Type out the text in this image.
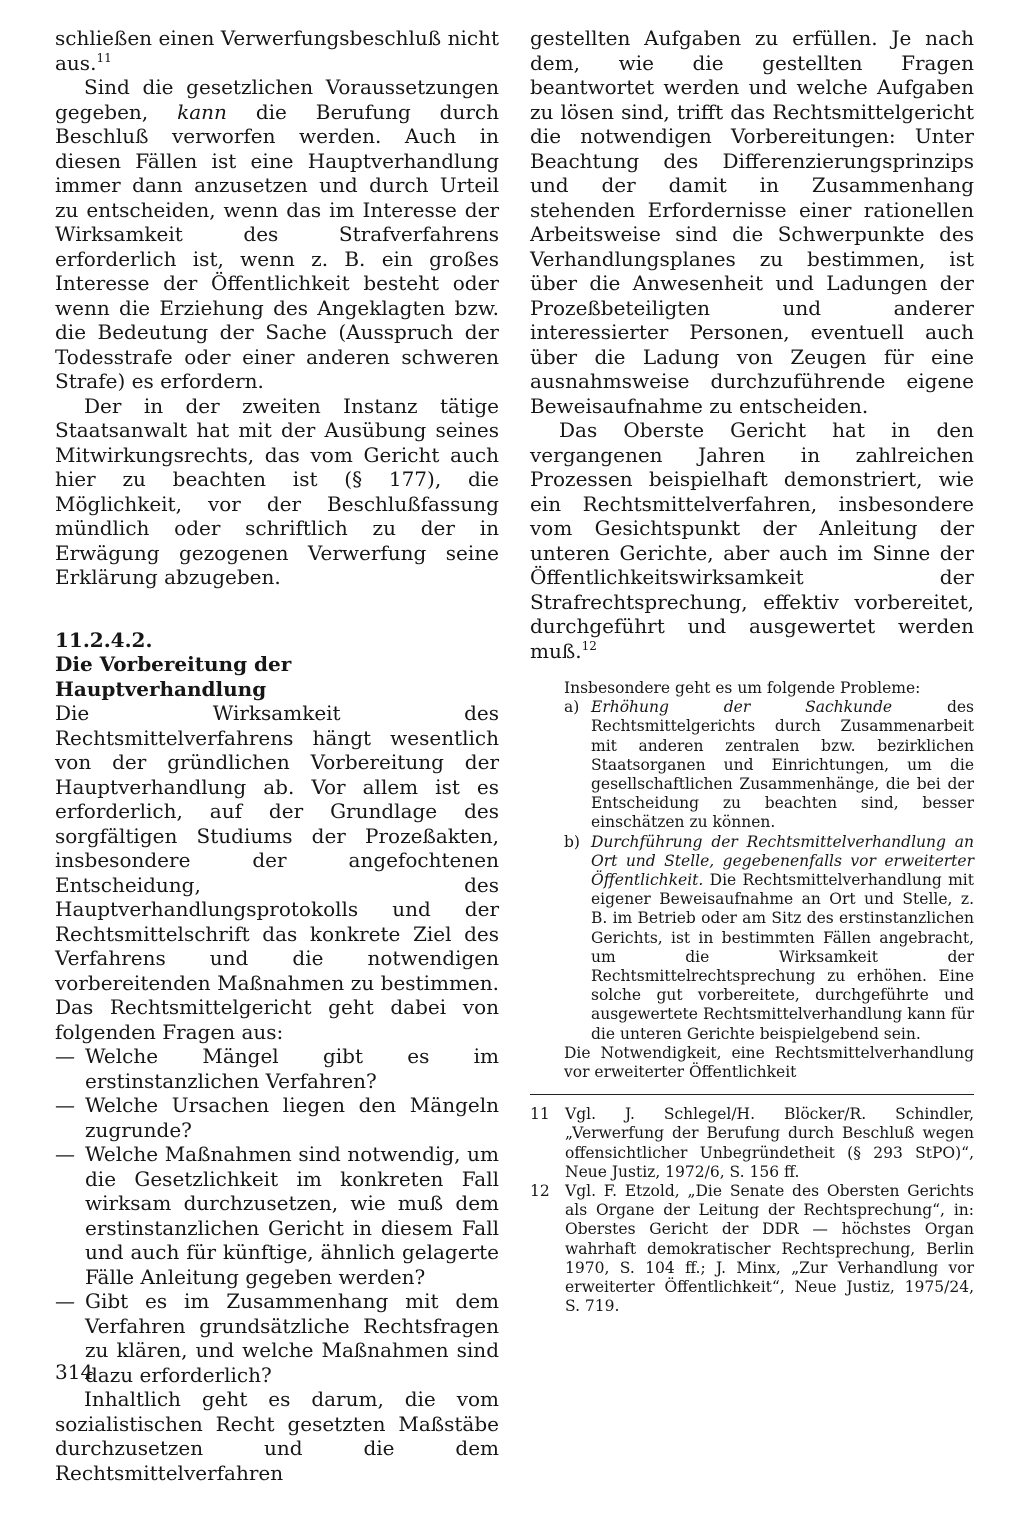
schließen einen Verwerfungsbeschluß nicht aus.$^{11}$

Sind die gesetzlichen Voraussetzungen gegeben, kann die Berufung durch Beschluß verworfen werden. Auch in diesen Fällen ist eine Hauptverhandlung immer dann anzusetzen und durch Urteil zu entscheiden, wenn das im Interesse der Wirksamkeit des Strafverfahrens erforderlich ist, wenn z. B. ein großes Interesse der Öffentlichkeit besteht oder wenn die Erziehung des Angeklagten bzw. die Bedeutung der Sache (Ausspruch der Todesstrafe oder einer anderen schweren Strafe) es erfordern.

Der in der zweiten Instanz tätige Staatsanwalt hat mit der Ausübung seines Mitwirkungsrechts, das vom Gericht auch hier zu beachten ist (§ 177), die Möglichkeit, vor der Beschlußfassung mündlich oder schriftlich zu der in Erwägung gezogenen Verwerfung seine Erklärung abzugeben.

11.2.4.2.
Die Vorbereitung der Hauptverhandlung

Die Wirksamkeit des Rechtsmittelverfahrens hängt wesentlich von der gründlichen Vorbereitung der Hauptverhandlung ab. Vor allem ist es erforderlich, auf der Grundlage des sorgfältigen Studiums der Prozeßakten, insbesondere der angefochtenen Entscheidung, des Hauptverhandlungsprotokolls und der Rechtsmittelschrift das konkrete Ziel des Verfahrens und die notwendigen vorbereitenden Maßnahmen zu bestimmen. Das Rechtsmittelgericht geht dabei von folgenden Fragen aus:

— Welche Mängel gibt es im erstinstanzlichen Verfahren?
— Welche Ursachen liegen den Mängeln zugrunde?
— Welche Maßnahmen sind notwendig, um die Gesetzlichkeit im konkreten Fall wirksam durchzusetzen, wie muß dem erstinstanzlichen Gericht in diesem Fall und auch für künftige, ähnlich gelagerte Fälle Anleitung gegeben werden?
— Gibt es im Zusammenhang mit dem Verfahren grundsätzliche Rechtsfragen zu klären, und welche Maßnahmen sind dazu erforderlich?

Inhaltlich geht es darum, die vom sozialistischen Recht gesetzten Maßstäbe durchzusetzen und die dem Rechtsmittelverfahren

gestellten Aufgaben zu erfüllen. Je nach dem, wie die gestellten Fragen beantwortet werden und welche Aufgaben zu lösen sind, trifft das Rechtsmittelgericht die notwendigen Vorbereitungen: Unter Beachtung des Differenzierungsprinzips und der damit in Zusammenhang stehenden Erfordernisse einer rationellen Arbeitsweise sind die Schwerpunkte des Verhandlungsplanes zu bestimmen, ist über die Anwesenheit und Ladungen der Prozeßbeteiligten und anderer interessierter Personen, eventuell auch über die Ladung von Zeugen für eine ausnahmsweise durchzuführende eigene Beweisaufnahme zu entscheiden.

Das Oberste Gericht hat in den vergangenen Jahren in zahlreichen Prozessen beispielhaft demonstriert, wie ein Rechtsmittelverfahren, insbesondere vom Gesichtspunkt der Anleitung der unteren Gerichte, aber auch im Sinne der Öffentlichkeitswirksamkeit der Strafrechtsprechung, effektiv vorbereitet, durchgeführt und ausgewertet werden muß.$^{12}$

Insbesondere geht es um folgende Probleme:

a) Erhöhung der Sachkunde des Rechtsmittelgerichts durch Zusammenarbeit mit anderen zentralen bzw. bezirklichen Staatsorganen und Einrichtungen, um die gesellschaftlichen Zusammenhänge, die bei der Entscheidung zu beachten sind, besser einschätzen zu können.
b) Durchführung der Rechtsmittelverhandlung an Ort und Stelle, gegebenenfalls vor erweiterter Öffentlichkeit. Die Rechtsmittelverhandlung mit eigener Beweisaufnahme an Ort und Stelle, z. B. im Betrieb oder am Sitz des erstinstanzlichen Gerichts, ist in bestimmten Fällen angebracht, um die Wirksamkeit der Rechtsmittelrechtsprechung zu erhöhen. Eine solche gut vorbereitete, durchgeführte und ausgewertete Rechtsmittelverhandlung kann für die unteren Gerichte beispielgebend sein.

Die Notwendigkeit, eine Rechtsmittelverhandlung vor erweiterter Öffentlichkeit

11 Vgl. J. Schlegel/H. Blöcker/R. Schindler, „Verwerfung der Berufung durch Beschluß wegen offensichtlicher Unbegründetheit (§ 293 StPO)“, Neue Justiz, 1972/6, S. 156 ff.
12 Vgl. F. Etzold, „Die Senate des Obersten Gerichts als Organe der Leitung der Rechtsprechung“, in: Oberstes Gericht der DDR — höchstes Organ wahrhaft demokratischer Rechtsprechung, Berlin 1970, S. 104 ff.; J. Minx, „Zur Verhandlung vor erweiterter Öffentlichkeit“, Neue Justiz, 1975/24, S. 719.
314
